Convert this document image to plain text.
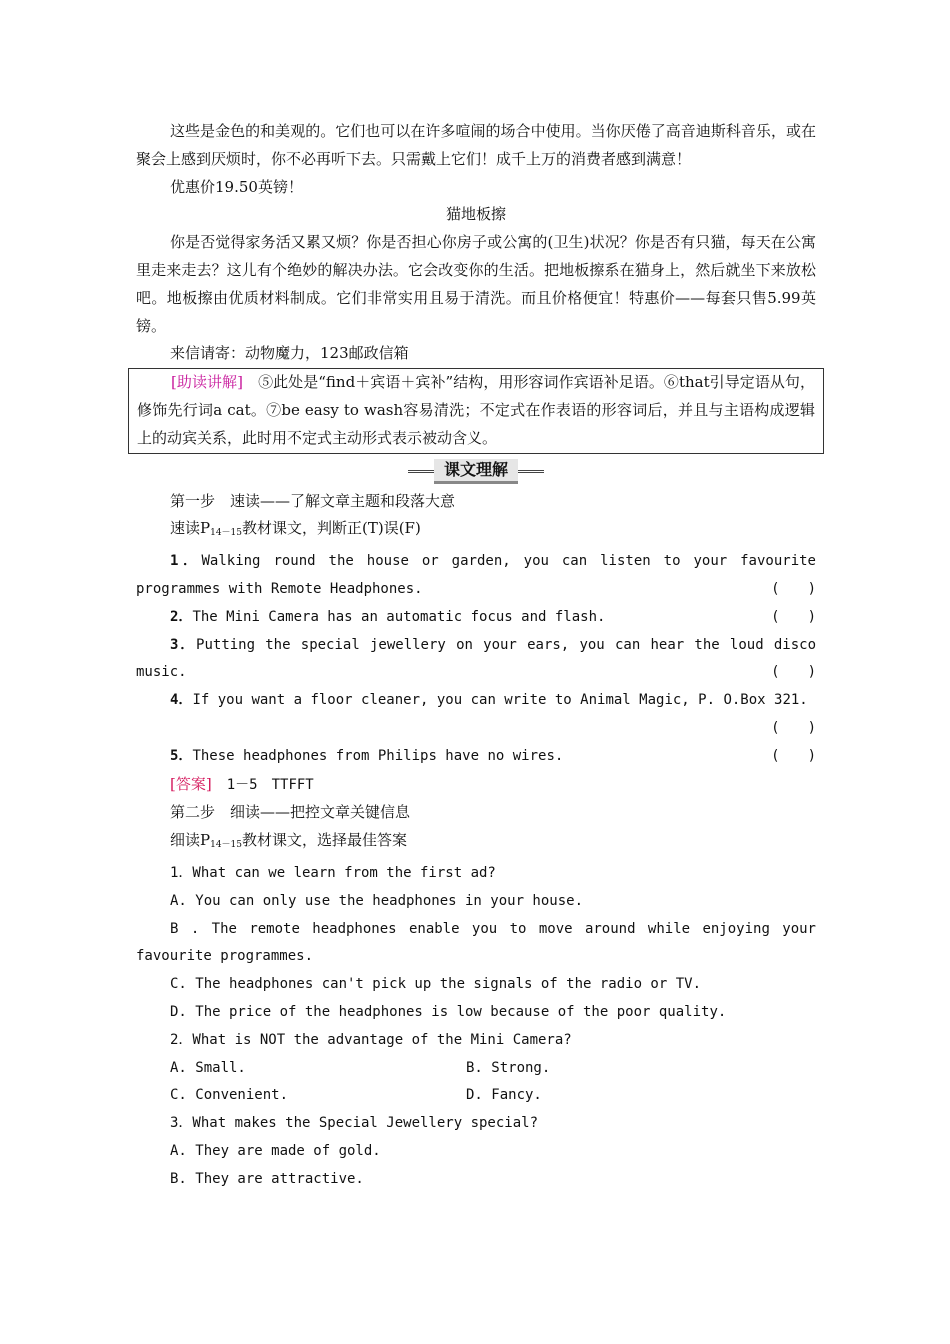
这些是金色的和美观的。它们也可以在许多喧闹的场合中使用。当你厌倦了高音迪斯科音乐，或在聚会上感到厌烦时，你不必再听下去。只需戴上它们！成千上万的消费者感到满意！

优惠价19.50英镑！

猫地板擦

你是否觉得家务活又累又烦？你是否担心你房子或公寓的(卫生)状况？你是否有只猫，每天在公寓里走来走去？这儿有个绝妙的解决办法。它会改变你的生活。把地板擦系在猫身上，然后就坐下来放松吧。地板擦由优质材料制成。它们非常实用且易于清洗。而且价格便宜！特惠价——每套只售5.99英镑。

来信请寄：动物魔力，123邮政信箱

[助读讲解]　 ⑤此处是“find＋宾语＋宾补”结构，用形容词作宾语补足语。⑥that引导定语从句，修饰先行词a cat。⑦be easy to wash容易清洗；不定式在作表语的形容词后，并且与主语构成逻辑上的动宾关系，此时用不定式主动形式表示被动含义。

课文理解

第一步　速读——了解文章主题和段落大意

速读$P_{14-15}$教材课文，判断正(T)误(F)

1．Walking round the house or garden, you can listen to your favourite programmes with Remote Headphones.	(　　)

2．The Mini Camera has an automatic focus and flash.	(　　)

3．Putting the special jewellery on your ears, you can hear the loud disco music.	(　　)

4．If you want a floor cleaner, you can write to Animal Magic, P. O.Box 321.

(　　)

5．These headphones from Philips have no wires.	(　　)

[答案]　 1－5　TTFFT

第二步　细读——把控文章关键信息

细读$P_{14-15}$教材课文，选择最佳答案

1．What can we learn from the first ad?

A. You can only use the headphones in your house.

B . The remote headphones enable you to move around while enjoying your favourite programmes.

C. The headphones can't pick up the signals of the radio or TV.

D. The price of the headphones is low because of the poor quality.

2．What is NOT the advantage of the Mini Camera?

A. Small.	B. Strong.
C. Convenient.	D. Fancy.

3．What makes the Special Jewellery special?

A. They are made of gold.

B. They are attractive.
